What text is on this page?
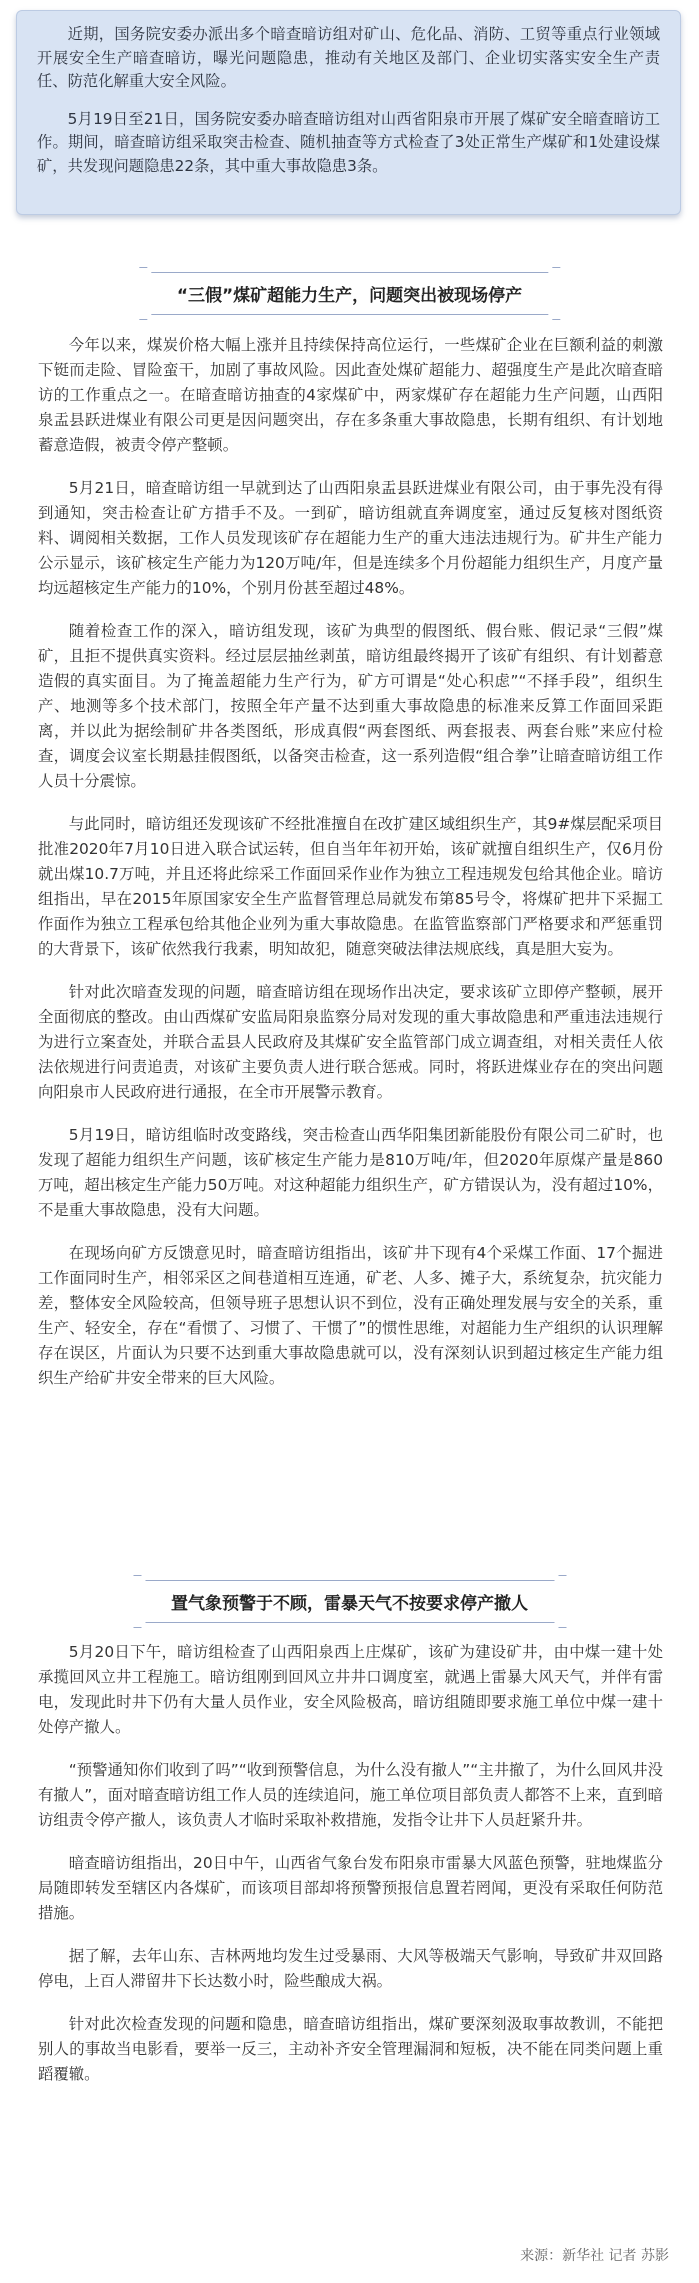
近期，国务院安委办派出多个暗查暗访组对矿山、危化品、消防、工贸等重点行业领域开展安全生产暗查暗访，曝光问题隐患，推动有关地区及部门、企业切实落实安全生产责任、防范化解重大安全风险。

5月19日至21日，国务院安委办暗查暗访组对山西省阳泉市开展了煤矿安全暗查暗访工作。期间，暗查暗访组采取突击检查、随机抽查等方式检查了3处正常生产煤矿和1处建设煤矿，共发现问题隐患22条，其中重大事故隐患3条。

“三假”煤矿超能力生产，问题突出被现场停产

今年以来，煤炭价格大幅上涨并且持续保持高位运行，一些煤矿企业在巨额利益的刺激下铤而走险、冒险蛮干，加剧了事故风险。因此查处煤矿超能力、超强度生产是此次暗查暗访的工作重点之一。在暗查暗访抽查的4家煤矿中，两家煤矿存在超能力生产问题，山西阳泉盂县跃进煤业有限公司更是因问题突出，存在多条重大事故隐患，长期有组织、有计划地蓄意造假，被责令停产整顿。

5月21日，暗查暗访组一早就到达了山西阳泉盂县跃进煤业有限公司，由于事先没有得到通知，突击检查让矿方措手不及。一到矿，暗访组就直奔调度室，通过反复核对图纸资料、调阅相关数据，工作人员发现该矿存在超能力生产的重大违法违规行为。矿井生产能力公示显示，该矿核定生产能力为120万吨/年，但是连续多个月份超能力组织生产，月度产量均远超核定生产能力的10%，个别月份甚至超过48%。

随着检查工作的深入，暗访组发现，该矿为典型的假图纸、假台账、假记录“三假”煤矿，且拒不提供真实资料。经过层层抽丝剥茧，暗访组最终揭开了该矿有组织、有计划蓄意造假的真实面目。为了掩盖超能力生产行为，矿方可谓是“处心积虑”“不择手段”，组织生产、地测等多个技术部门，按照全年产量不达到重大事故隐患的标准来反算工作面回采距离，并以此为据绘制矿井各类图纸，形成真假“两套图纸、两套报表、两套台账”来应付检查，调度会议室长期悬挂假图纸，以备突击检查，这一系列造假“组合拳”让暗查暗访组工作人员十分震惊。

与此同时，暗访组还发现该矿不经批准擅自在改扩建区域组织生产，其9#煤层配采项目批准2020年7月10日进入联合试运转，但自当年年初开始，该矿就擅自组织生产，仅6月份就出煤10.7万吨，并且还将此综采工作面回采作业作为独立工程违规发包给其他企业。暗访组指出，早在2015年原国家安全生产监督管理总局就发布第85号令，将煤矿把井下采掘工作面作为独立工程承包给其他企业列为重大事故隐患。在监管监察部门严格要求和严惩重罚的大背景下，该矿依然我行我素，明知故犯，随意突破法律法规底线，真是胆大妄为。

针对此次暗查发现的问题，暗查暗访组在现场作出决定，要求该矿立即停产整顿，展开全面彻底的整改。由山西煤矿安监局阳泉监察分局对发现的重大事故隐患和严重违法违规行为进行立案查处，并联合盂县人民政府及其煤矿安全监管部门成立调查组，对相关责任人依法依规进行问责追责，对该矿主要负责人进行联合惩戒。同时，将跃进煤业存在的突出问题向阳泉市人民政府进行通报，在全市开展警示教育。

5月19日，暗访组临时改变路线，突击检查山西华阳集团新能股份有限公司二矿时，也发现了超能力组织生产问题，该矿核定生产能力是810万吨/年，但2020年原煤产量是860万吨，超出核定生产能力50万吨。对这种超能力组织生产，矿方错误认为，没有超过10%，不是重大事故隐患，没有大问题。

在现场向矿方反馈意见时，暗查暗访组指出，该矿井下现有4个采煤工作面、17个掘进工作面同时生产，相邻采区之间巷道相互连通，矿老、人多、摊子大，系统复杂，抗灾能力差，整体安全风险较高，但领导班子思想认识不到位，没有正确处理发展与安全的关系，重生产、轻安全，存在“看惯了、习惯了、干惯了”的惯性思维，对超能力生产组织的认识理解存在误区，片面认为只要不达到重大事故隐患就可以，没有深刻认识到超过核定生产能力组织生产给矿井安全带来的巨大风险。

置气象预警于不顾，雷暴天气不按要求停产撤人

5月20日下午，暗访组检查了山西阳泉西上庄煤矿，该矿为建设矿井，由中煤一建十处承揽回风立井工程施工。暗访组刚到回风立井井口调度室，就遇上雷暴大风天气，并伴有雷电，发现此时井下仍有大量人员作业，安全风险极高，暗访组随即要求施工单位中煤一建十处停产撤人。

“预警通知你们收到了吗”“收到预警信息，为什么没有撤人”“主井撤了，为什么回风井没有撤人”，面对暗查暗访组工作人员的连续追问，施工单位项目部负责人都答不上来，直到暗访组责令停产撤人，该负责人才临时采取补救措施，发指令让井下人员赶紧升井。

暗查暗访组指出，20日中午，山西省气象台发布阳泉市雷暴大风蓝色预警，驻地煤监分局随即转发至辖区内各煤矿，而该项目部却将预警预报信息置若罔闻，更没有采取任何防范措施。

据了解，去年山东、吉林两地均发生过受暴雨、大风等极端天气影响，导致矿井双回路停电，上百人滞留井下长达数小时，险些酿成大祸。

针对此次检查发现的问题和隐患，暗查暗访组指出，煤矿要深刻汲取事故教训，不能把别人的事故当电影看，要举一反三，主动补齐安全管理漏洞和短板，决不能在同类问题上重蹈覆辙。

来源：新华社 记者 苏影
